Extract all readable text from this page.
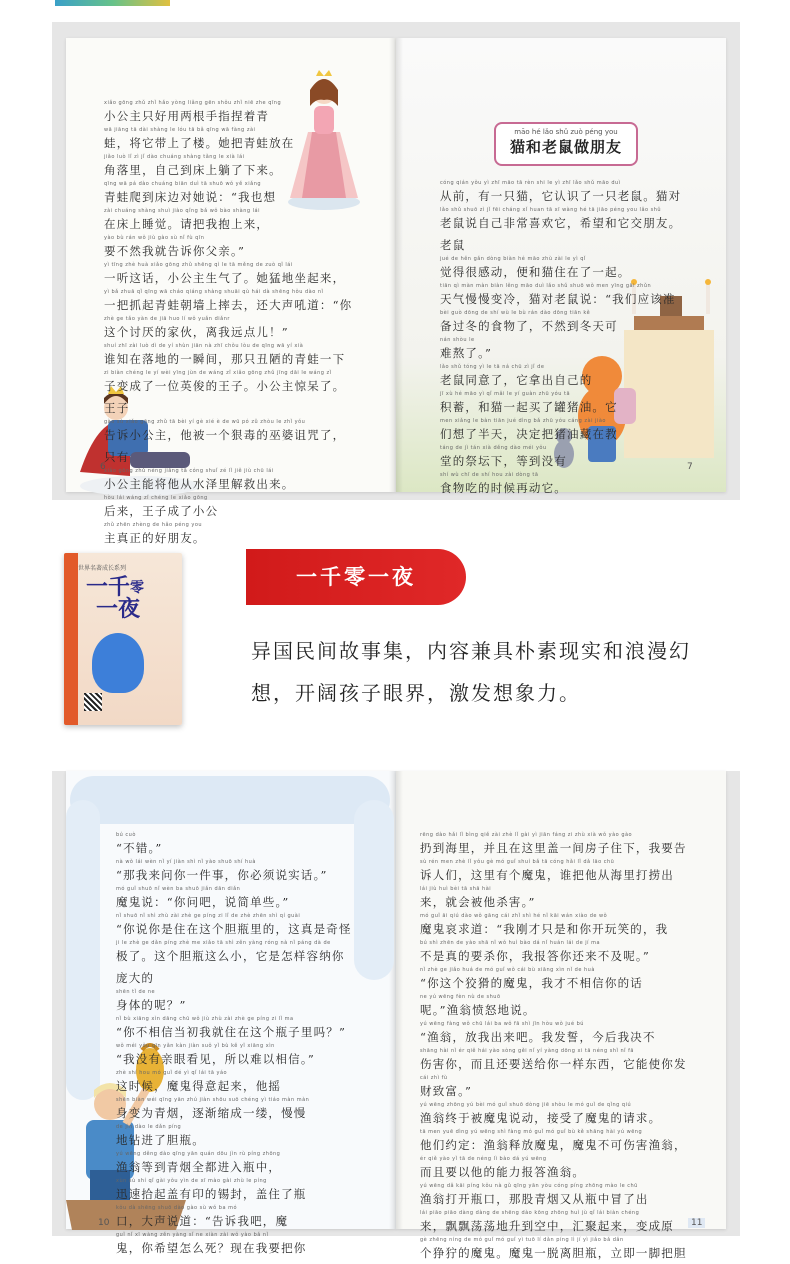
xiǎo gōng zhǔ zhǐ hǎo yòng liǎng gēn shǒu zhǐ niē zhe qīng
小公主只好用两根手指捏着青

wā jiāng tā dài shàng le lóu tā bǎ qīng wā fàng zài
蛙，将它带上了楼。她把青蛙放在

jiǎo luò lǐ zì jǐ dào chuáng shàng tǎng le xià lái
角落里，自己到床上躺了下来。

qīng wā pá dào chuáng biān duì tā shuō wǒ yě xiǎng
青蛙爬到床边对她说：“我也想

zài chuáng shàng shuì jiào qǐng bǎ wǒ bào shàng lái
在床上睡觉。请把我抱上来，

yào bù rán wǒ jiù gào sù nǐ fù qīn
要不然我就告诉你父亲。”

yì tīng zhè huà xiǎo gōng zhǔ shēng qì le tā měng de zuò qǐ lái
一听这话，小公主生气了。她猛地坐起来，

yì bǎ zhuā qǐ qīng wā cháo qiáng shàng shuāi qù hái dà shēng hǒu dào nǐ
一把抓起青蛙朝墙上摔去，还大声吼道：“你

zhè ge tǎo yàn de jiā huo lí wǒ yuǎn diǎnr
这个讨厌的家伙，离我远点儿！”

shuí zhī zài luò dì de yí shùn jiān nà zhī chǒu lòu de qīng wā yí xià
谁知在落地的一瞬间，那只丑陋的青蛙一下

zi biàn chéng le yí wèi yīng jùn de wáng zǐ xiǎo gōng zhǔ jīng dāi le wáng zǐ
子变成了一位英俊的王子。小公主惊呆了。王子

gào sù xiǎo gōng zhǔ tā bèi yí gè xié è de wū pó zǔ zhòu le zhǐ yǒu
告诉小公主，他被一个狠毒的巫婆诅咒了，只有

xiǎo gōng zhǔ néng jiāng tā cóng shuǐ zé lǐ jiě jiù chū lái
小公主能将他从水泽里解救出来。

hòu lái wáng zǐ chéng le xiǎo gōng
后来，王子成了小公

zhǔ zhēn zhèng de hǎo péng you
主真正的好朋友。

cóng qián yǒu yì zhī māo tā rèn shi le yì zhī lǎo shǔ māo duì
从前，有一只猫，它认识了一只老鼠。猫对

lǎo shǔ shuō zì jǐ fēi cháng xǐ huan tā xī wàng hé tā jiāo péng you lǎo shǔ
老鼠说自己非常喜欢它，希望和它交朋友。老鼠

jué de hěn gǎn dòng biàn hé māo zhù zài le yì qǐ
觉得很感动，便和猫住在了一起。

tiān qì màn màn biàn lěng māo duì lǎo shǔ shuō wǒ men yīng gāi zhǔn
天气慢慢变冷，猫对老鼠说：“我们应该准

bèi guò dōng de shí wù le bù rán dào dōng tiān kě
备过冬的食物了，不然到冬天可

nán shòu le
难熬了。”

lǎo shǔ tóng yì le tā ná chū zì jǐ de
老鼠同意了，它拿出自己的

jī xù hé māo yì qǐ mǎi le yí guàn zhū yóu tā
积蓄，和猫一起买了罐猪油。它

men xiǎng le bàn tiān jué dìng bǎ zhū yóu cáng zài jiào
们想了半天，决定把猪油藏在教

táng de jì tán xià děng dào méi yǒu
堂的祭坛下，等到没有

shí wù chī de shí hou zài dòng tā
食物吃的时候再动它。

māo hé lǎo shǔ zuò péng you
猫和老鼠做朋友
6	7
世界名著成长系列
一千$^零$
一夜
一千零一夜
异国民间故事集，内容兼具朴素现实和浪漫幻
想，开阔孩子眼界，激发想象力。

bú cuò
“不错。”

nà wǒ lái wèn nǐ yí jiàn shì nǐ yào shuō shí huà
“那我来问你一件事，你必须说实话。”

mó guǐ shuō nǐ wèn ba shuō jiǎn dān diǎn
魔鬼说：“你问吧，说简单些。”

nǐ shuō nǐ shì zhù zài zhè ge píng zi lǐ de zhè zhēn shì qí guài
“你说你是住在这个胆瓶里的，这真是奇怪

ji le zhè ge dǎn píng zhè me xiǎo tā shì zěn yàng róng nà nǐ páng dà de
极了。这个胆瓶这么小，它是怎样容纳你庞大的

shēn tǐ de ne
身体的呢？”

nǐ bù xiāng xìn dāng chū wǒ jiù zhù zài zhè ge píng zi lǐ ma
“你不相信当初我就住在这个瓶子里吗？”

wǒ méi yǒu qīn yǎn kàn jiàn suǒ yǐ bù kě yǐ xiāng xìn
“我没有亲眼看见，所以难以相信。”

zhè shí hou mó guǐ dé yì qǐ lái tā yáo
这时候，魔鬼得意起来，他摇

shēn biàn wéi qīng yān zhú jiàn shōu suō chéng yì tiáo màn màn
身变为青烟，逐渐缩成一缕，慢慢

de jìn dào le dǎn píng
地钻进了胆瓶。

yú wēng děng dào qīng yān quán dōu jìn rù píng zhōng
渔翁等到青烟全都进入瓶中，

xùn sù shí qǐ gài yǒu yìn de xī mào gài zhù le píng
迅速拾起盖有印的锡封，盖住了瓶

kǒu dà shēng shuō dào gào sù wǒ ba mó
口，大声说道：“告诉我吧，魔

guǐ nǐ xī wàng zěn yàng sǐ ne xiàn zài wǒ yào bǎ nǐ
鬼，你希望怎么死？现在我要把你

rēng dào hǎi lǐ bìng qiě zài zhè lǐ gài yì jiān fáng zi zhù xià wǒ yào gào
扔到海里，并且在这里盖一间房子住下，我要告

sù rén men zhè lǐ yǒu gè mó guǐ shuí bǎ tā cóng hǎi lǐ dǎ lāo chū
诉人们，这里有个魔鬼，谁把他从海里打捞出

lái jiù huì bèi tā shā hài
来，就会被他杀害。”

mó guǐ āi qiú dào wǒ gāng cái zhǐ shì hé nǐ kāi wán xiào de wǒ
魔鬼哀求道：“我刚才只是和你开玩笑的，我

bú shì zhēn de yào shā nǐ wǒ huì bào dá nǐ huán lái de jí ma
不是真的要杀你，我报答你还来不及呢。”

nǐ zhè ge jiǎo huá de mó guǐ wǒ cái bù xiāng xìn nǐ de huà
“你这个狡猾的魔鬼，我才不相信你的话

ne yú wēng fèn nù de shuō
呢。”渔翁愤怒地说。

yú wēng fàng wǒ chū lái ba wǒ fā shì jīn hòu wǒ jué bú
“渔翁，放我出来吧。我发誓，今后我决不

shāng hài nǐ ér qiě hái yào sòng gěi nǐ yí yàng dōng xi tā néng shǐ nǐ fā
伤害你，而且还要送给你一样东西，它能使你发

cái zhì fù
财致富。”

yú wēng zhōng yú bèi mó guǐ shuō dòng jiē shòu le mó guǐ de qǐng qiú
渔翁终于被魔鬼说动，接受了魔鬼的请求。

tā men yuē dìng yú wēng shì fàng mó guǐ mó guǐ bù kě shāng hài yú wēng
他们约定：渔翁释放魔鬼，魔鬼不可伤害渔翁，

ér qiě yào yǐ tā de néng lì bào dá yú wēng
而且要以他的能力报答渔翁。

yú wēng dǎ kāi píng kǒu nà gǔ qīng yān yòu cóng píng zhōng mào le chū
渔翁打开瓶口，那股青烟又从瓶中冒了出

lái piāo piāo dàng dàng de shēng dào kōng zhōng huì jù qǐ lái biàn chéng
来，飘飘荡荡地升到空中，汇聚起来，变成原

gè zhēng níng de mó guǐ mó guǐ yì tuō lí dǎn píng lì jí yì jiǎo bǎ dǎn
个狰狞的魔鬼。魔鬼一脱离胆瓶，立即一脚把胆

10	11
